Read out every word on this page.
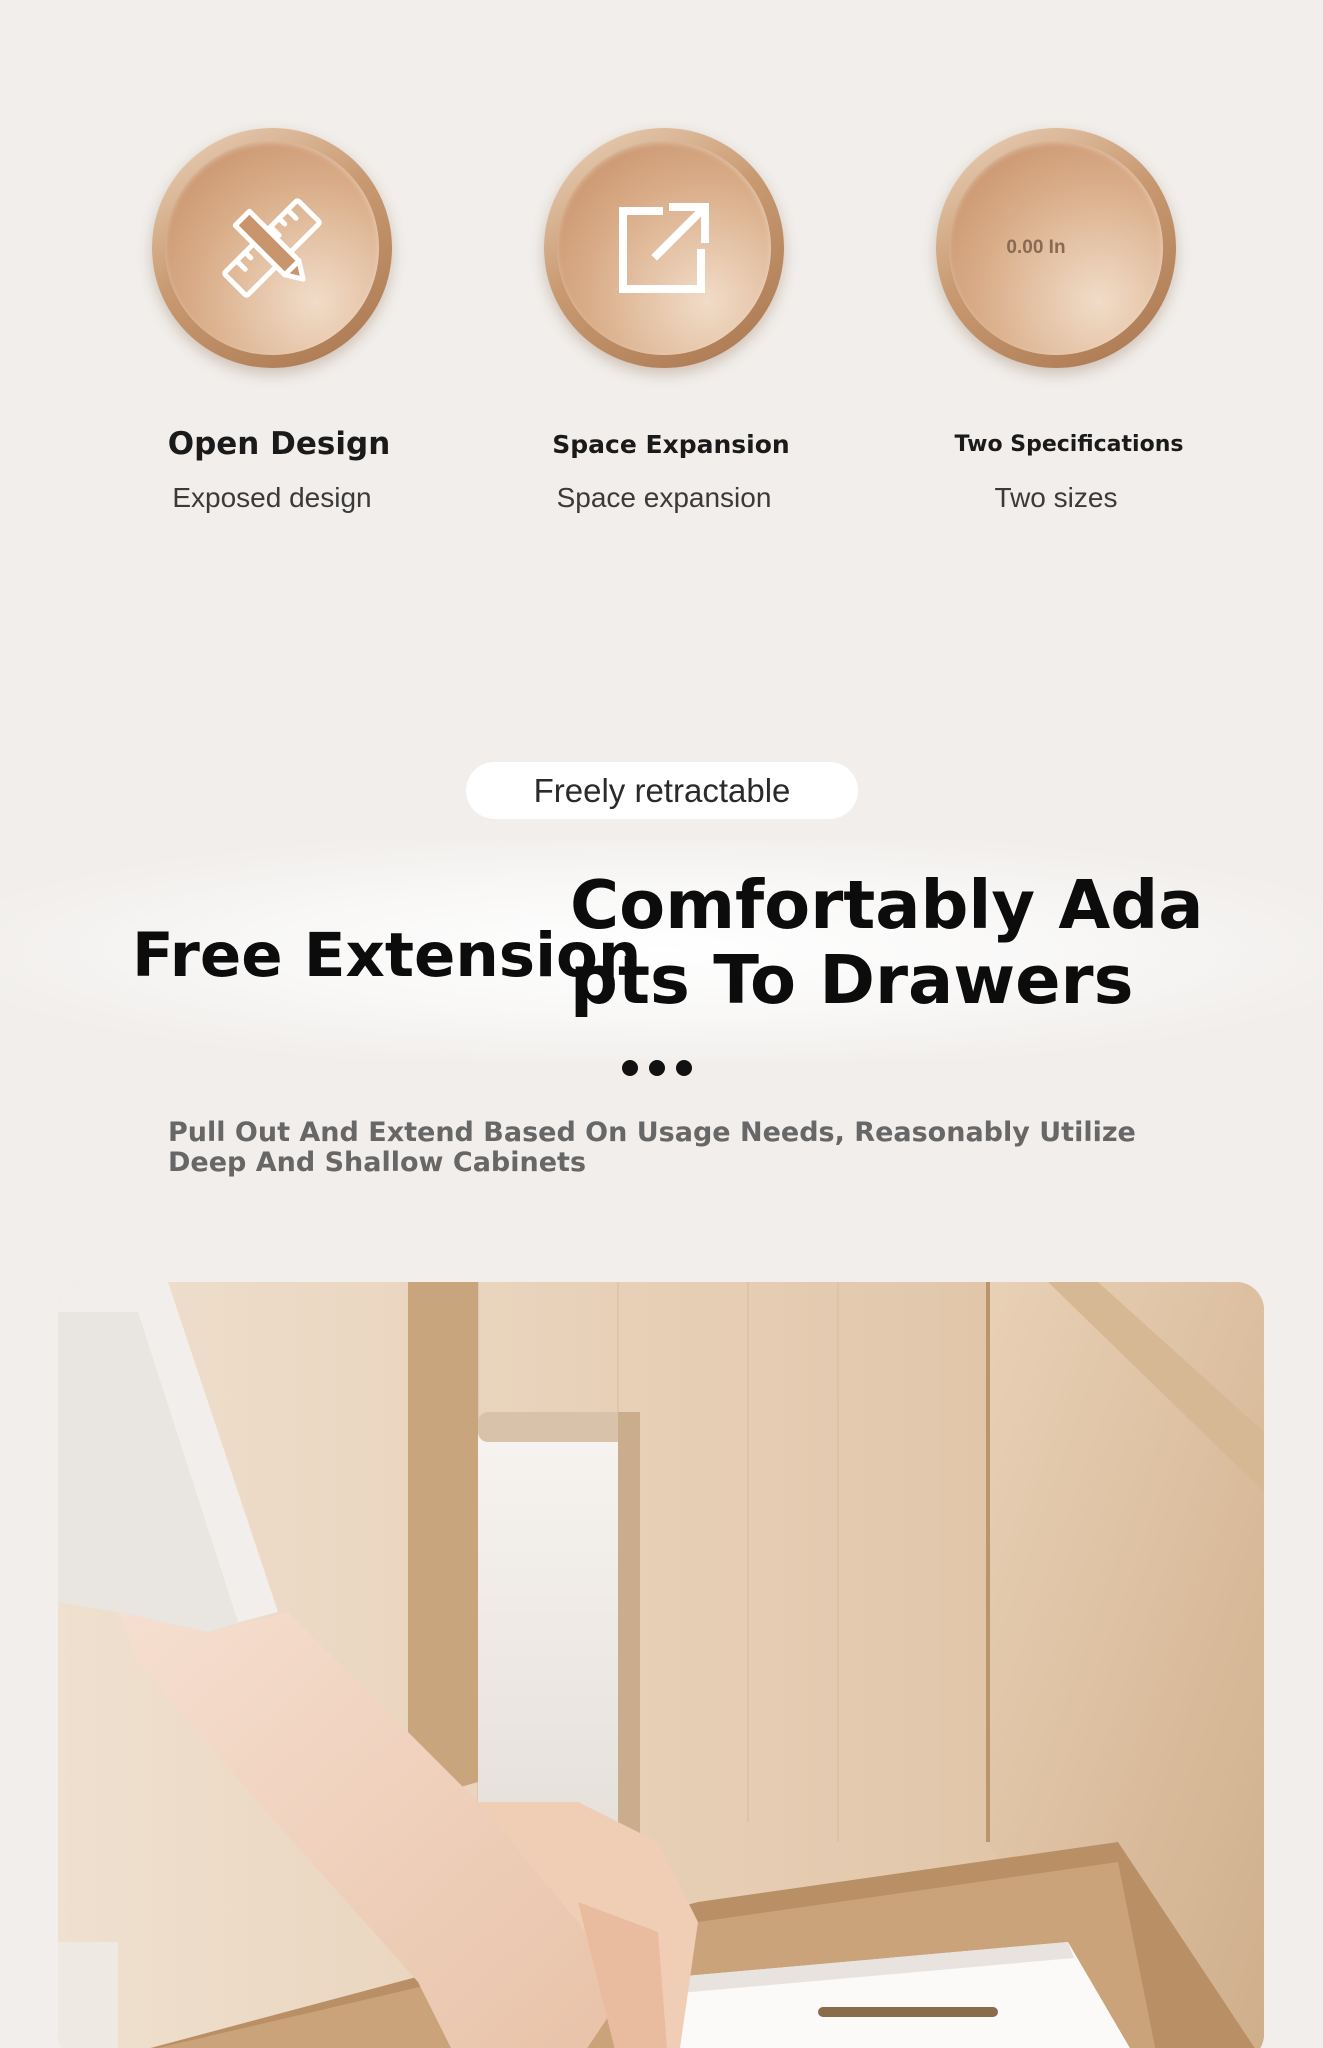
Open Design
Exposed design
Space Expansion
Space expansion
0.00 In
Two Specifications
Two sizes
Freely retractable
Free Extension
Comfortably Adapts To Drawers
Pull Out And Extend Based On Usage Needs, Reasonably Utilize Deep And Shallow Cabinets
